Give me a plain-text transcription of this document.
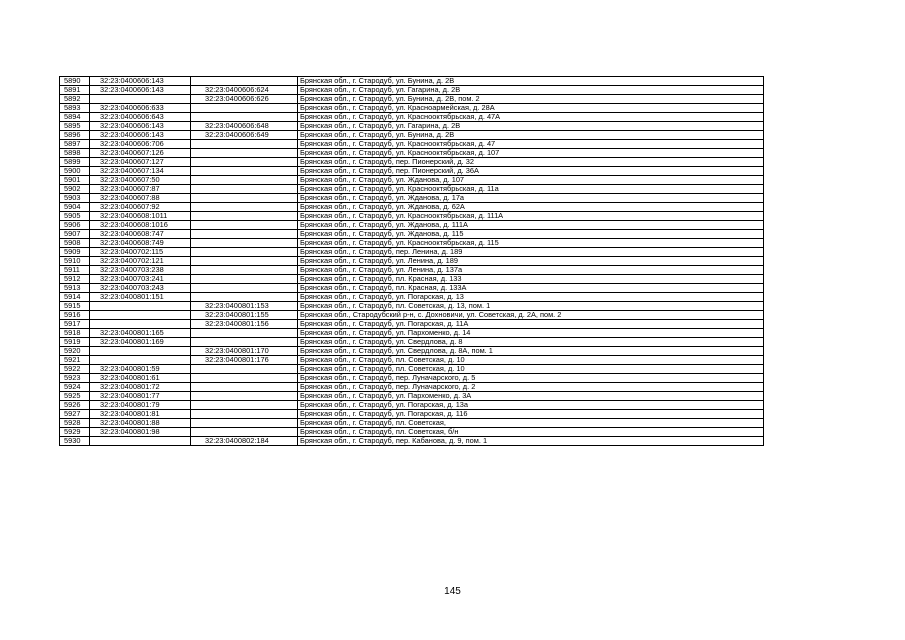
5890	32:23:0400606:143		Брянская обл., г. Стародуб, ул. Бунина, д. 2В
5891	32:23:0400606:143	32:23:0400606:624	Брянская обл., г. Стародуб, ул. Гагарина, д. 2В
5892		32:23:0400606:626	Брянская обл., г. Стародуб, ул. Бунина, д. 2В, пом. 2
5893	32:23:0400606:633		Брянская обл., г. Стародуб, ул. Красноармейская, д. 28А
5894	32:23:0400606:643		Брянская обл., г. Стародуб, ул. Краснооктябрьская, д. 47А
5895	32:23:0400606:143	32:23:0400606:648	Брянская обл., г. Стародуб, ул. Гагарина, д. 2В
5896	32:23:0400606:143	32:23:0400606:649	Брянская обл., г. Стародуб, ул. Бунина, д. 2В
5897	32:23:0400606:706		Брянская обл., г. Стародуб, ул. Краснооктябрьская, д. 47
5898	32:23:0400607:126		Брянская обл., г. Стародуб, ул. Краснооктябрьская, д. 107
5899	32:23:0400607:127		Брянская обл., г. Стародуб, пер. Пионерский, д. 32
5900	32:23:0400607:134		Брянская обл., г. Стародуб, пер. Пионерский, д. 36А
5901	32:23:0400607:50		Брянская обл., г. Стародуб, ул. Жданова, д. 107
5902	32:23:0400607:87		Брянская обл., г. Стародуб, ул. Краснооктябрьская, д. 11а
5903	32:23:0400607:88		Брянская обл., г. Стародуб, ул. Жданова, д. 17а
5904	32:23:0400607:92		Брянская обл., г. Стародуб, ул. Жданова, д. 62А
5905	32:23:0400608:1011		Брянская обл., г. Стародуб, ул. Краснооктябрьская, д. 111А
5906	32:23:0400608:1016		Брянская обл., г. Стародуб, ул. Жданова, д. 111А
5907	32:23:0400608:747		Брянская обл., г. Стародуб, ул. Жданова, д. 115
5908	32:23:0400608:749		Брянская обл., г. Стародуб, ул. Краснооктябрьская, д. 115
5909	32:23:0400702:115		Брянская обл., г. Стародуб, пер. Ленина, д. 189
5910	32:23:0400702:121		Брянская обл., г. Стародуб, ул. Ленина, д. 189
5911	32:23:0400703:238		Брянская обл., г. Стародуб, ул. Ленина, д. 137а
5912	32:23:0400703:241		Брянская обл., г. Стародуб, пл. Красная, д. 133
5913	32:23:0400703:243		Брянская обл., г. Стародуб, пл. Красная, д. 133А
5914	32:23:0400801:151		Брянская обл., г. Стародуб, ул. Погарская, д. 13
5915		32:23:0400801:153	Брянская обл., г. Стародуб, пл. Советская, д. 13, пом. 1
5916		32:23:0400801:155	Брянская обл., Стародубский р-н, с. Дохновичи, ул. Советская, д. 2А, пом. 2
5917		32:23:0400801:156	Брянская обл., г. Стародуб, ул. Погарская, д. 11А
5918	32:23:0400801:165		Брянская обл., г. Стародуб, ул. Пархоменко, д. 14
5919	32:23:0400801:169		Брянская обл., г. Стародуб, ул. Свердлова, д. 8
5920		32:23:0400801:170	Брянская обл., г. Стародуб, ул. Свердлова, д. 8А, пом. 1
5921		32:23:0400801:176	Брянская обл., г. Стародуб, пл. Советская, д. 10
5922	32:23:0400801:59		Брянская обл., г. Стародуб, пл. Советская, д. 10
5923	32:23:0400801:61		Брянская обл., г. Стародуб, пер. Луначарского, д. 5
5924	32:23:0400801:72		Брянская обл., г. Стародуб, пер. Луначарского, д. 2
5925	32:23:0400801:77		Брянская обл., г. Стародуб, ул. Пархоменко, д. 3А
5926	32:23:0400801:79		Брянская обл., г. Стародуб, ул. Погарская, д. 13а
5927	32:23:0400801:81		Брянская обл., г. Стародуб, ул. Погарская, д. 116
5928	32:23:0400801:88		Брянская обл., г. Стародуб, пл. Советская,
5929	32:23:0400801:98		Брянская обл., г. Стародуб, пл. Советская, б/н
5930		32:23:0400802:184	Брянская обл., г. Стародуб, пер. Кабанова, д. 9, пом. 1
145
